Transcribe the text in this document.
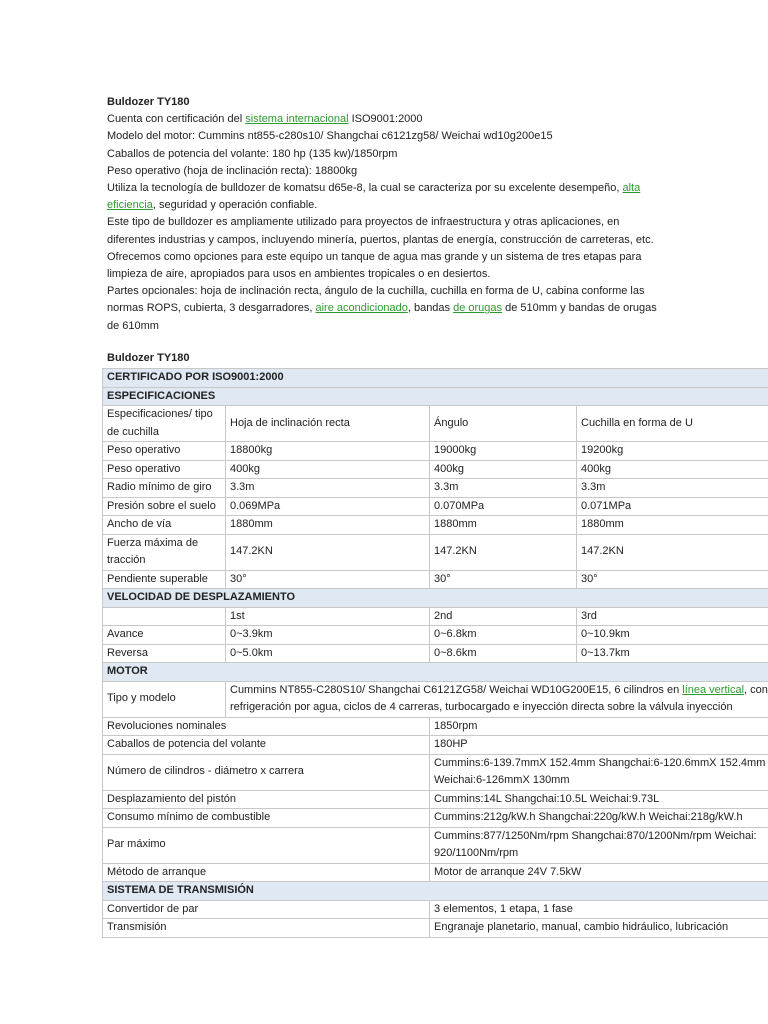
Buldozer TY180

Cuenta con certificación del sistema internacional ISO9001:2000

Modelo del motor: Cummins nt855-c280s10/ Shangchai c6121zg58/ Weichai wd10g200e15

Caballos de potencia del volante: 180 hp (135 kw)/1850rpm

Peso operativo (hoja de inclinación recta): 18800kg

Utiliza la tecnología de bulldozer de komatsu d65e-8, la cual se caracteriza por su excelente desempeño, alta eficiencia, seguridad y operación confiable.

Este tipo de bulldozer es ampliamente utilizado para proyectos de infraestructura y otras aplicaciones, en diferentes industrias y campos, incluyendo minería, puertos, plantas de energía, construcción de carreteras, etc.

Ofrecemos como opciones para este equipo un tanque de agua mas grande y un sistema de tres etapas para limpieza de aire, apropiados para usos en ambientes tropicales o en desiertos.

Partes opcionales: hoja de inclinación recta, ángulo de la cuchilla, cuchilla en forma de U, cabina conforme las normas ROPS, cubierta, 3 desgarradores, aire acondicionado, bandas de orugas de 510mm y bandas de orugas de 610mm

Buldozer TY180
CERTIFICADO POR ISO9001:2000			
ESPECIFICACIONES			
Especificaciones/ tipo de cuchilla	Hoja de inclinación recta	Ángulo	Cuchilla en forma de U
Peso operativo	18800kg	19000kg	19200kg
Peso operativo	400kg	400kg	400kg
Radio mínimo de giro	3.3m	3.3m	3.3m
Presión sobre el suelo	0.069MPa	0.070MPa	0.071MPa
Ancho de vía	1880mm	1880mm	1880mm
Fuerza máxima de tracción	147.2KN	147.2KN	147.2KN
Pendiente superable	30°	30°	30°
VELOCIDAD DE DESPLAZAMIENTO			
	1st	2nd	3rd
Avance	0~3.9km	0~6.8km	0~10.9km
Reversa	0~5.0km	0~8.6km	0~13.7km
MOTOR			
Tipo y modelo	Cummins NT855-C280S10/ Shangchai C6121ZG58/ Weichai WD10G200E15, 6 cilindros en línea vertical, con refrigeración por agua, ciclos de 4 carreras, turbocargado e inyección directa sobre la válvula inyección		
Revoluciones nominales		1850rpm	
Caballos de potencia del volante		180HP	
Número de cilindros - diámetro x carrera		Cummins:6-139.7mmX 152.4mm Shangchai:6-120.6mmX 152.4mm Weichai:6-126mmX 130mm	
Desplazamiento del pistón		Cummins:14L Shangchai:10.5L Weichai:9.73L	
Consumo mínimo de combustible		Cummins:212g/kW.h Shangchai:220g/kW.h Weichai:218g/kW.h	
Par máximo		Cummins:877/1250Nm/rpm Shangchai:870/1200Nm/rpm Weichai: 920/1100Nm/rpm	
Método de arranque		Motor de arranque 24V 7.5kW	
SISTEMA DE TRANSMISIÓN			
Convertidor de par		3 elementos, 1 etapa, 1 fase	
Transmisión		Engranaje planetario, manual, cambio hidráulico, lubricación	
